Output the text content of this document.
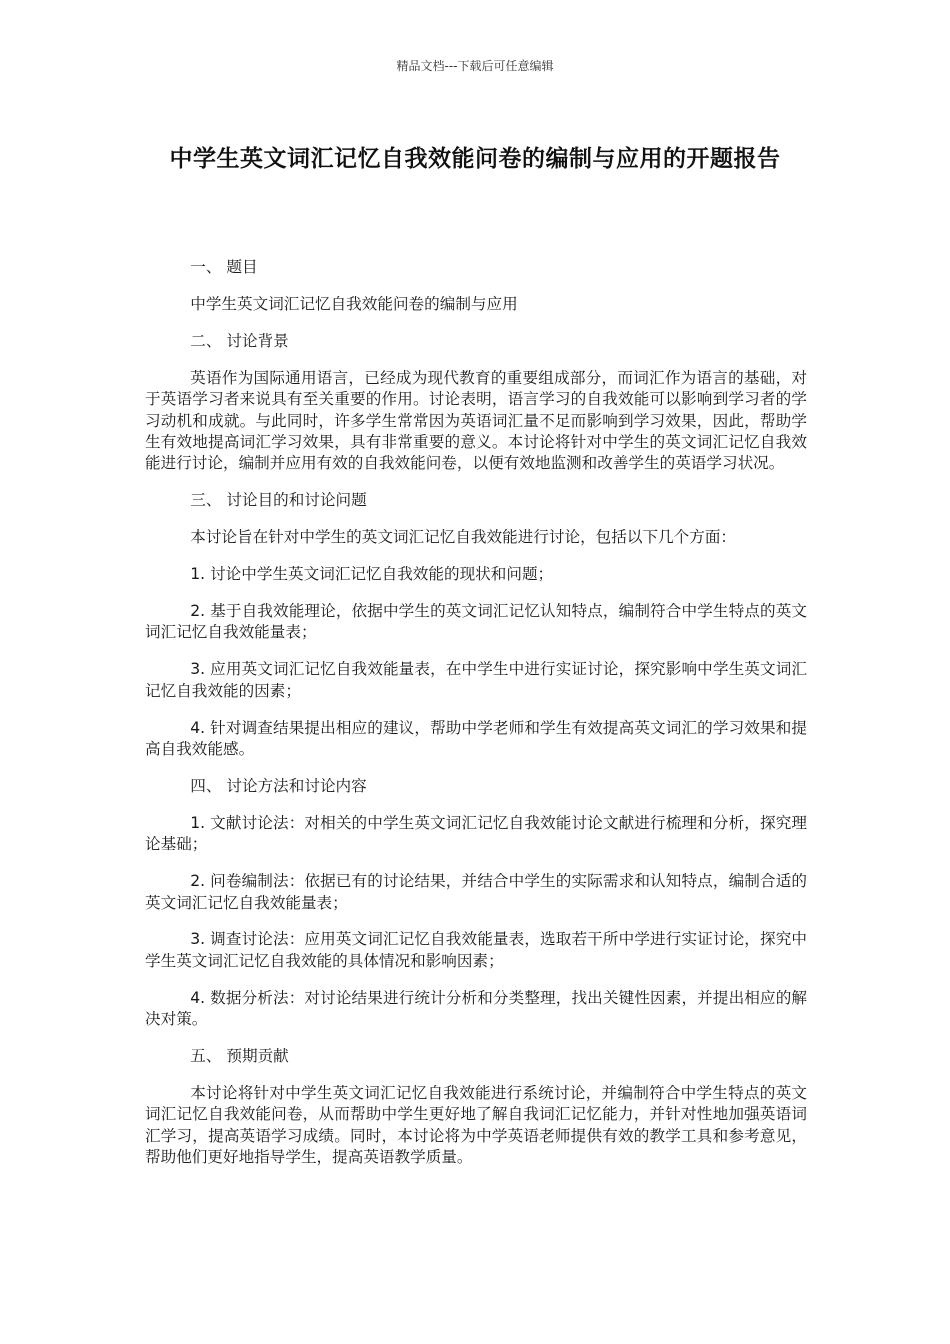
精品文档---下载后可任意编辑
中学生英文词汇记忆自我效能问卷的编制与应用的开题报告

一、 题目

中学生英文词汇记忆自我效能问卷的编制与应用

二、 讨论背景

英语作为国际通用语言，已经成为现代教育的重要组成部分，而词汇作为语言的基础，对于英语学习者来说具有至关重要的作用。讨论表明，语言学习的自我效能可以影响到学习者的学习动机和成就。与此同时，许多学生常常因为英语词汇量不足而影响到学习效果，因此，帮助学生有效地提高词汇学习效果，具有非常重要的意义。本讨论将针对中学生的英文词汇记忆自我效能进行讨论，编制并应用有效的自我效能问卷，以便有效地监测和改善学生的英语学习状况。

三、 讨论目的和讨论问题

本讨论旨在针对中学生的英文词汇记忆自我效能进行讨论，包括以下几个方面：

1. 讨论中学生英文词汇记忆自我效能的现状和问题；

2. 基于自我效能理论，依据中学生的英文词汇记忆认知特点，编制符合中学生特点的英文词汇记忆自我效能量表；

3. 应用英文词汇记忆自我效能量表，在中学生中进行实证讨论，探究影响中学生英文词汇记忆自我效能的因素；

4. 针对调查结果提出相应的建议，帮助中学老师和学生有效提高英文词汇的学习效果和提高自我效能感。

四、 讨论方法和讨论内容

1. 文献讨论法：对相关的中学生英文词汇记忆自我效能讨论文献进行梳理和分析，探究理论基础；

2. 问卷编制法：依据已有的讨论结果，并结合中学生的实际需求和认知特点，编制合适的英文词汇记忆自我效能量表；

3. 调查讨论法：应用英文词汇记忆自我效能量表，选取若干所中学进行实证讨论，探究中学生英文词汇记忆自我效能的具体情况和影响因素；

4. 数据分析法：对讨论结果进行统计分析和分类整理，找出关键性因素，并提出相应的解决对策。

五、 预期贡献

本讨论将针对中学生英文词汇记忆自我效能进行系统讨论，并编制符合中学生特点的英文词汇记忆自我效能问卷，从而帮助中学生更好地了解自我词汇记忆能力，并针对性地加强英语词汇学习，提高英语学习成绩。同时，本讨论将为中学英语老师提供有效的教学工具和参考意见，帮助他们更好地指导学生，提高英语教学质量。
